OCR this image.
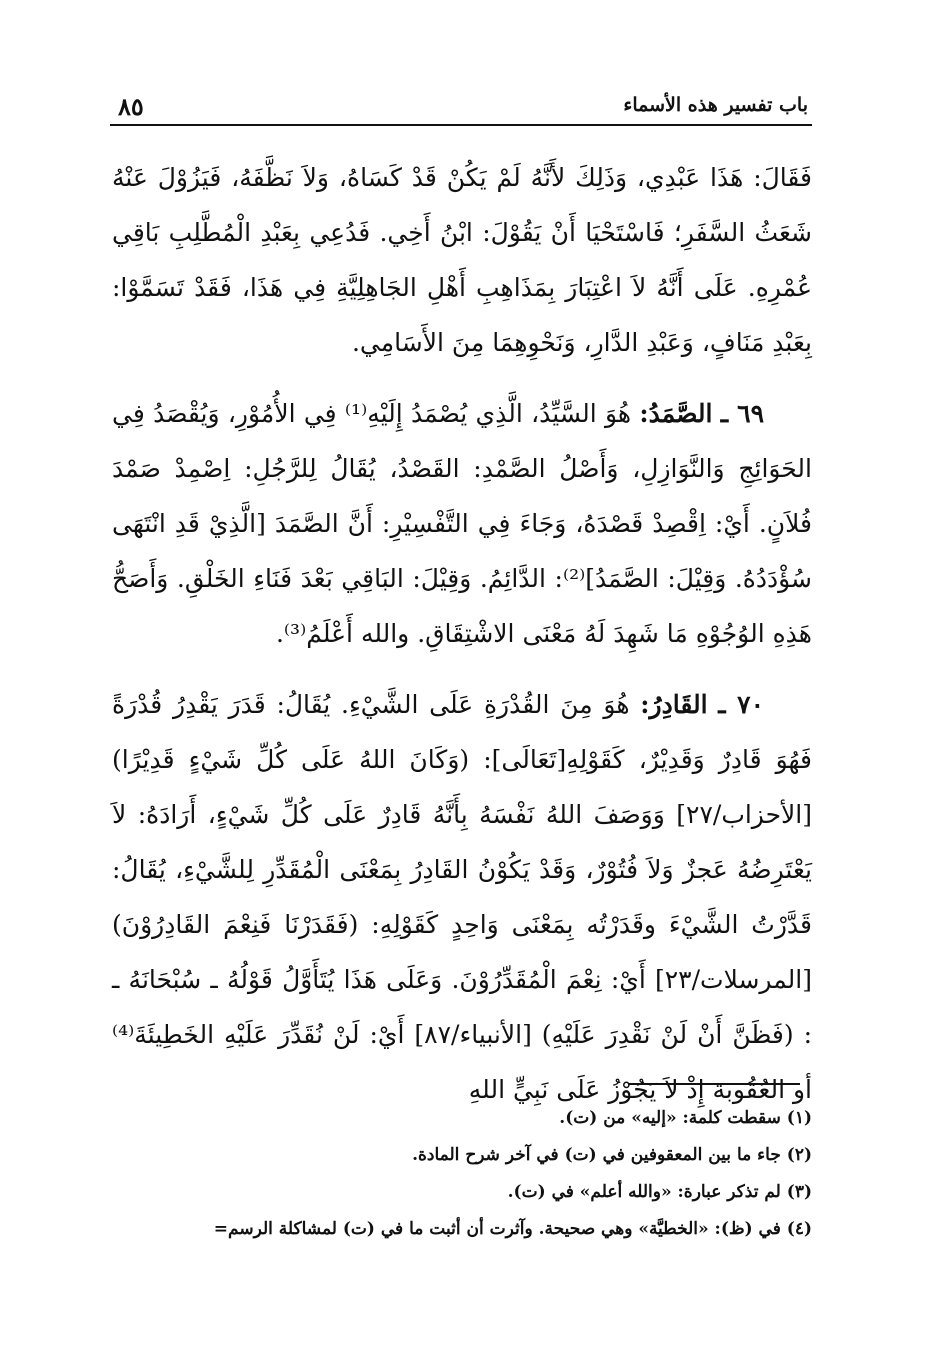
٨٥	باب تفسير هذه الأسماء

فَقَالَ: هَذَا عَبْدِي، وَذَلِكَ لأَنَّهُ لَمْ يَكُنْ قَدْ كَسَاهُ، وَلاَ نَظَّفَهُ، فَيَزُوْلَ عَنْهُ شَعَثُ السَّفَرِ؛ فَاسْتَحْيَا أَنْ يَقُوْلَ: ابْنُ أَخِي. فَدُعِي بِعَبْدِ الْمُطَّلِبِ بَاقِي عُمْرِهِ. عَلَى أَنَّهُ لاَ اعْتِبَارَ بِمَذَاهِبِ أَهْلِ الجَاهِلِيَّةِ فِي هَذَا، فَقَدْ تَسَمَّوْا: بِعَبْدِ مَنَافٍ، وَعَبْدِ الدَّارِ، وَنَحْوِهِمَا مِنَ الأَسَامِي.

٦٩ ـ الصَّمَدُ: هُوَ السَّيِّدُ، الَّذِي يُصْمَدُ إِلَيْهِ⁽¹⁾ فِي الأُمُوْرِ، وَيُقْصَدُ فِي الحَوَائِجِ وَالنَّوَازِلِ، وَأَصْلُ الصَّمْدِ: القَصْدُ، يُقَالُ لِلرَّجُلِ: اِصْمِدْ صَمْدَ فُلاَنٍ. أَيْ: اِقْصِدْ قَصْدَهُ، وَجَاءَ فِي التَّفْسِيْرِ: أَنَّ الصَّمَدَ [الَّذِيْ قَدِ انْتَهَى سُؤْدَدُهُ. وَقِيْلَ: الصَّمَدُ]⁽²⁾: الدَّائِمُ. وَقِيْلَ: البَاقِي بَعْدَ فَنَاءِ الخَلْقِ. وَأَصَحُّ هَذِهِ الوُجُوْهِ مَا شَهِدَ لَهُ مَعْنَى الاشْتِقَاقِ. والله أَعْلَمُ⁽³⁾.

٧٠ ـ القَادِرُ: هُوَ مِنَ القُدْرَةِ عَلَى الشَّيْءِ. يُقَالُ: قَدَرَ يَقْدِرُ قُدْرَةً فَهُوَ قَادِرٌ وَقَدِيْرٌ، كَقَوْلِهِ[تَعَالَى]: (وَكَانَ اللهُ عَلَى كُلِّ شَيْءٍ قَدِيْرًا) [الأحزاب/٢٧] وَوَصَفَ اللهُ نَفْسَهُ بِأَنَّهُ قَادِرٌ عَلَى كُلِّ شَيْءٍ، أَرَادَهُ: لاَ يَعْتَرِضُهُ عَجزٌ وَلاَ فُتُوْرٌ، وَقَدْ يَكُوْنُ القَادِرُ بِمَعْنَى الْمُقَدِّرِ لِلشَّيْءِ، يُقَالُ: قَدَّرْتُ الشَّيْءَ وقَدَرْتُه بِمَعْنَى وَاحِدٍ كَقَوْلِهِ: (فَقَدَرْنَا فَنِعْمَ القَادِرُوْنَ) [المرسلات/٢٣] أَيْ: نِعْمَ الْمُقَدِّرُوْنَ. وَعَلَى هَذَا يُتَأَوَّلُ قَوْلُهُ ـ سُبْحَانَهُ ـ : (فَظَنَّ أَنْ لَنْ نَقْدِرَ عَلَيْهِ) [الأنبياء/٨٧] أَيْ: لَنْ نُقَدِّرَ عَلَيْهِ الخَطِيئَةَ⁽⁴⁾ أو العُقُوبة إِذْ لاَ يَجُوْزُ عَلَى نَبِيٍّ اللهِ

(١) سقطت كلمة: «إليه» من (ت).
(٢) جاء ما بين المعقوفين في (ت) في آخر شرح المادة.
(٣) لم تذكر عبارة: «والله أعلم» في (ت).
(٤) في (ظ): «الخطيَّة» وهي صحيحة. وآثرت أن أثبت ما في (ت) لمشاكلة الرسم=
